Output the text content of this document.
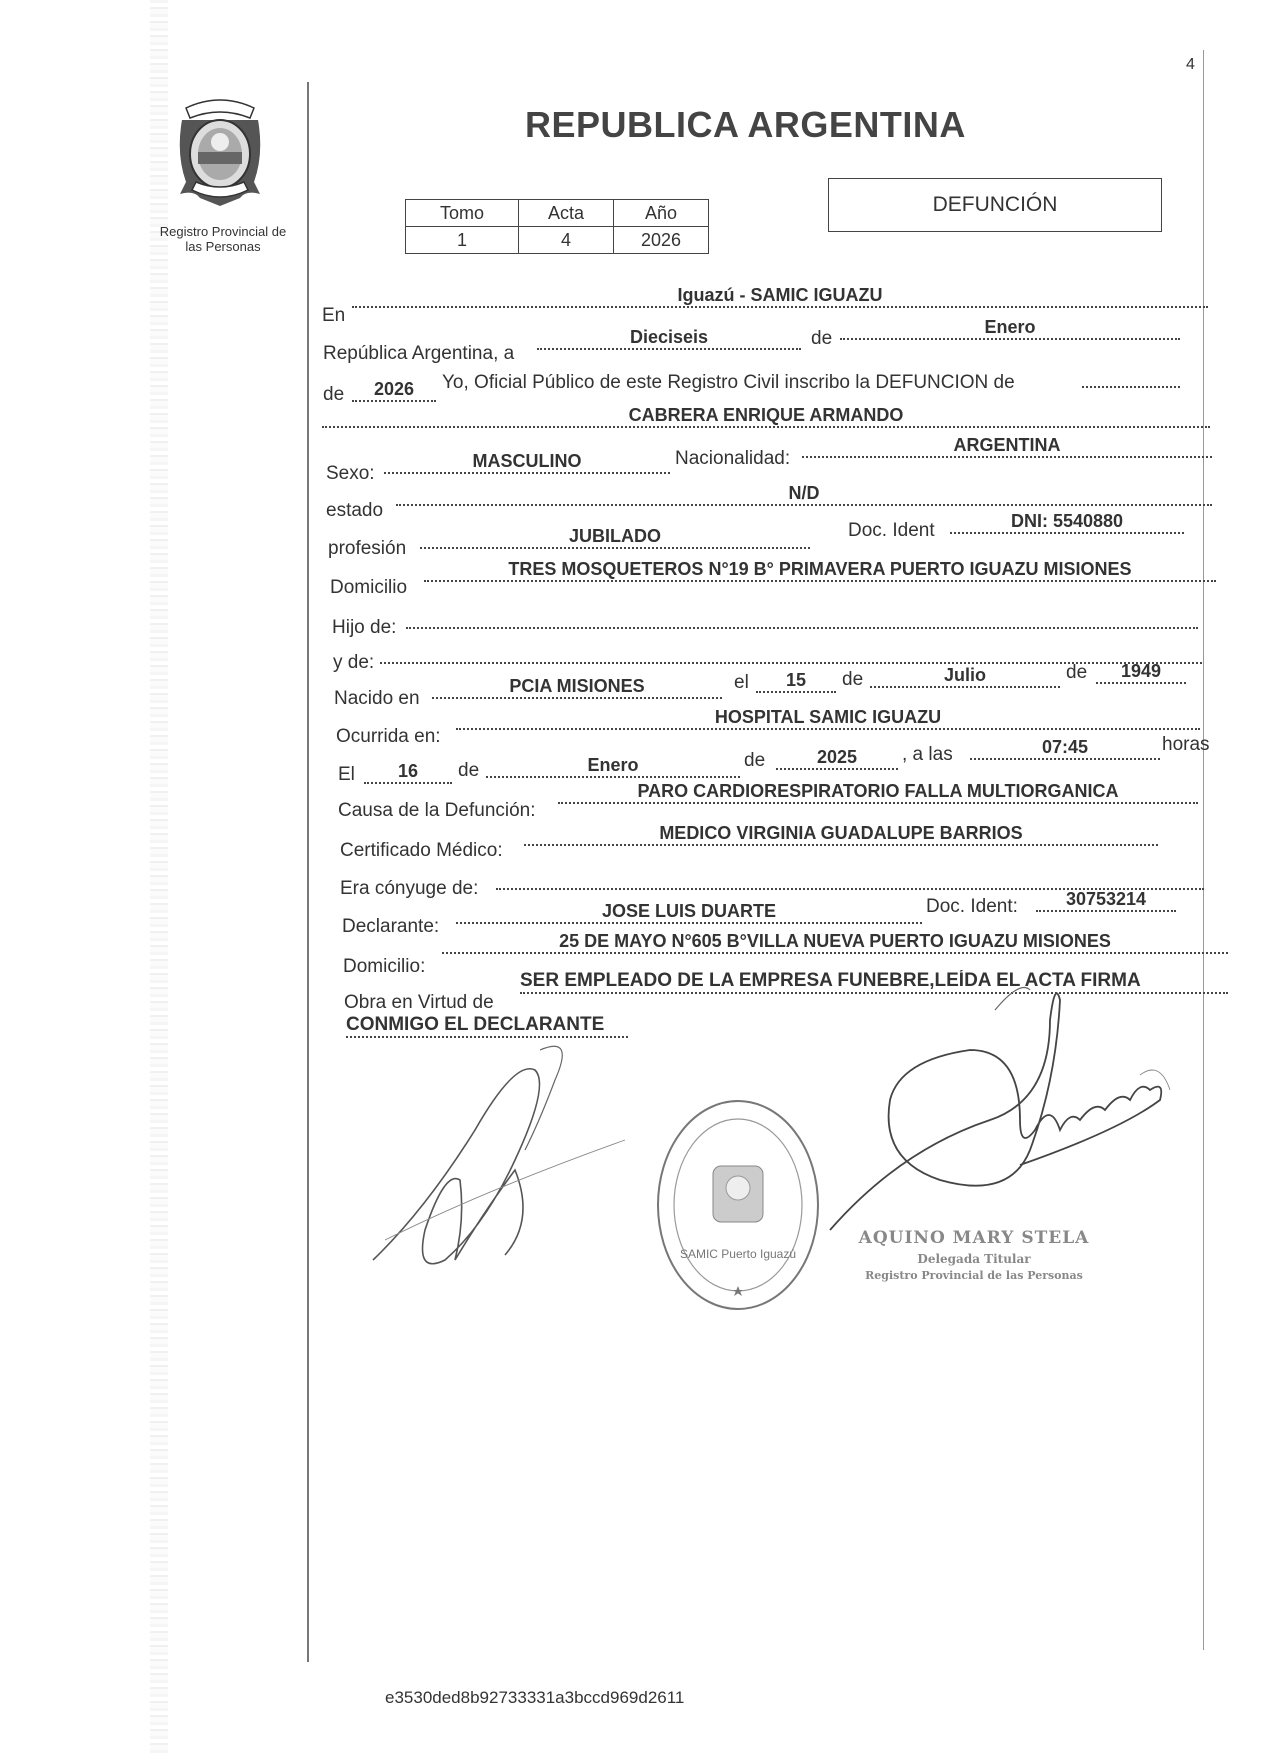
4
Registro Provincial de
las Personas
REPUBLICA ARGENTINA
Tomo	Acta	Año
1	4	2026
DEFUNCIÓN
En
Iguazú - SAMIC IGUAZU
República Argentina, a
Dieciseis	de
Enero
de	2026	Yo, Oficial Público de este Registro Civil inscribo la DEFUNCION de
CABRERA ENRIQUE ARMANDO
Sexo:
MASCULINO	Nacionalidad:
ARGENTINA
estado
N/D
profesión
JUBILADO	Doc. Ident	DNI: 5540880
Domicilio
TRES MOSQUETEROS N°19 B° PRIMAVERA PUERTO IGUAZU MISIONES
Hijo de:
y de:
Nacido en
PCIA MISIONES	el	15	de	Julio	de	1949
Ocurrida en:
HOSPITAL SAMIC IGUAZU
El	16	de	Enero	de	2025	, a las	07:45	horas
Causa de la Defunción:
PARO CARDIORESPIRATORIO FALLA MULTIORGANICA
Certificado Médico:
MEDICO VIRGINIA GUADALUPE BARRIOS
Era cónyuge de:
Declarante:
JOSE LUIS DUARTE	Doc. Ident:	30753214
Domicilio:
25 DE MAYO N°605 B°VILLA NUEVA PUERTO IGUAZU MISIONES
Obra en Virtud de
SER EMPLEADO DE LA EMPRESA FUNEBRE,LEÍDA EL ACTA FIRMA
CONMIGO EL DECLARANTE
SAMIC Puerto Iguazú
AQUINO MARY STELA
Delegada Titular
Registro Provincial de las Personas
e3530ded8b92733331a3bccd969d2611
